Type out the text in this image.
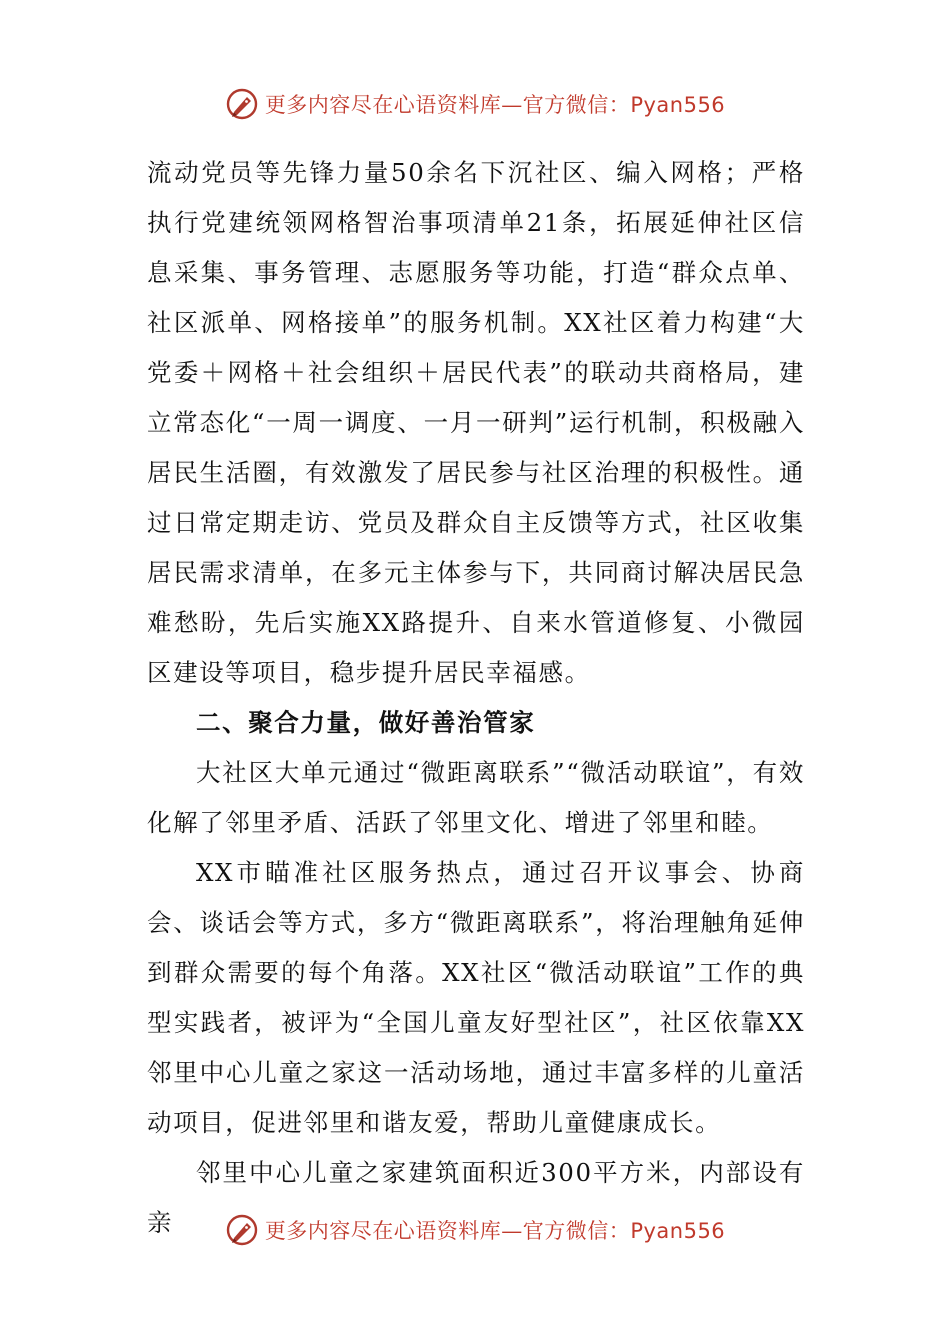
更多内容尽在心语资料库—官方微信：Pyan556

流动党员等先锋力量50余名下沉社区、编入网格；严格执行党建统领网格智治事项清单21条，拓展延伸社区信息采集、事务管理、志愿服务等功能，打造“群众点单、社区派单、网格接单”的服务机制。XX社区着力构建“大党委＋网格＋社会组织＋居民代表”的联动共商格局，建立常态化“一周一调度、一月一研判”运行机制，积极融入居民生活圈，有效激发了居民参与社区治理的积极性。通过日常定期走访、党员及群众自主反馈等方式，社区收集居民需求清单，在多元主体参与下，共同商讨解决居民急难愁盼，先后实施XX路提升、自来水管道修复、小微园区建设等项目，稳步提升居民幸福感。

二、聚合力量，做好善治管家

大社区大单元通过“微距离联系”“微活动联谊”，有效化解了邻里矛盾、活跃了邻里文化、增进了邻里和睦。

XX市瞄准社区服务热点，通过召开议事会、协商会、谈话会等方式，多方“微距离联系”，将治理触角延伸到群众需要的每个角落。XX社区“微活动联谊”工作的典型实践者，被评为“全国儿童友好型社区”，社区依靠XX邻里中心儿童之家这一活动场地，通过丰富多样的儿童活动项目，促进邻里和谐友爱，帮助儿童健康成长。

邻里中心儿童之家建筑面积近300平方米，内部设有亲	更多内容尽在心语资料库—官方微信：Pyan556
